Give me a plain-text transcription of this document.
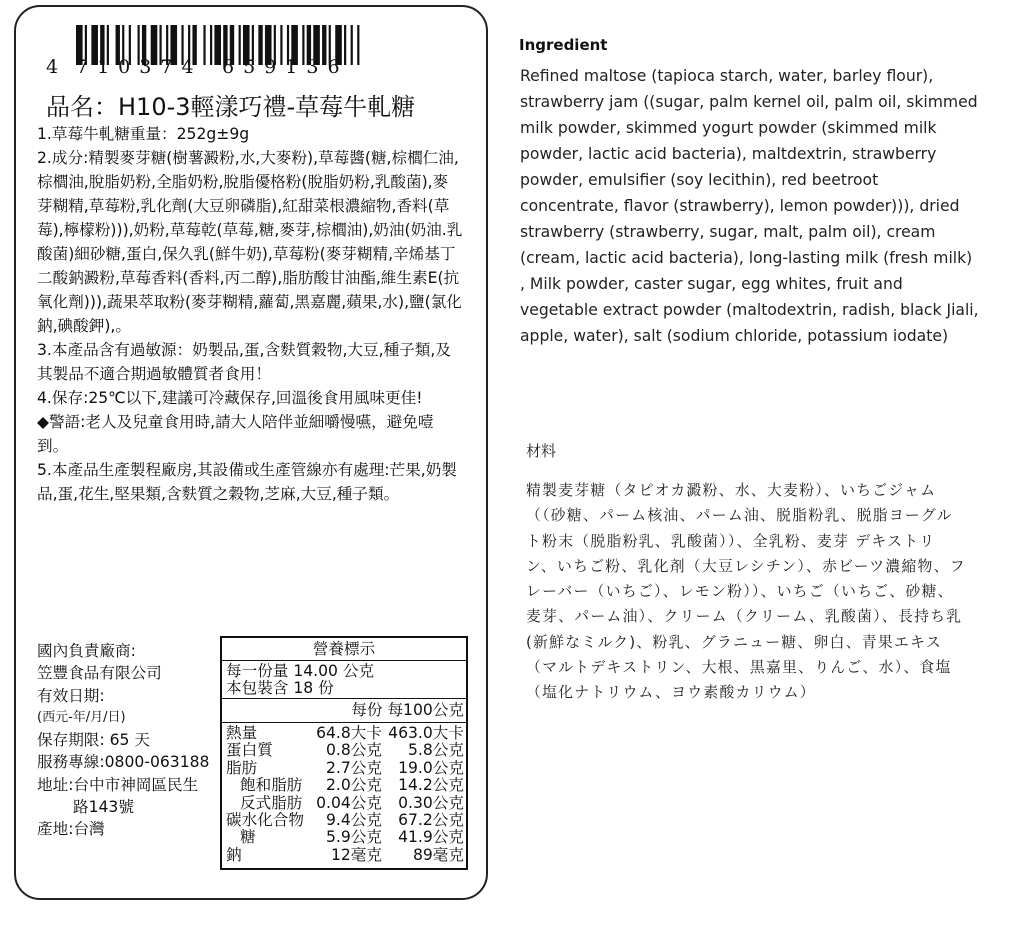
4 710374 659136
品名：H10-3輕漾巧禮-草莓牛軋糖

1.草莓牛軋糖重量：252g±9g

2.成分:精製麥芽糖(樹薯澱粉,水,大麥粉),草莓醬(糖,棕櫚仁油,棕櫚油,脫脂奶粉,全脂奶粉,脫脂優格粉(脫脂奶粉,乳酸菌),麥芽糊精,草莓粉,乳化劑(大豆卵磷脂),紅甜菜根濃縮物,香料(草莓),檸檬粉))),奶粉,草莓乾(草莓,糖,麥芽,棕櫚油),奶油(奶油.乳酸菌)細砂糖,蛋白,保久乳(鮮牛奶),草莓粉(麥芽糊精,辛烯基丁二酸鈉澱粉,草莓香料(香料,丙二醇),脂肪酸甘油酯,維生素E(抗氧化劑))),蔬果萃取粉(麥芽糊精,蘿蔔,黑嘉麗,蘋果,水),鹽(氯化鈉,碘酸鉀),。

3.本產品含有過敏源：奶製品,蛋,含麩質穀物,大豆,種子類,及其製品不適合期過敏體質者食用！

4.保存:25℃以下,建議可冷藏保存,回溫後食用風味更佳!

◆警語:老人及兒童食用時,請大人陪伴並細嚼慢嚥，避免噎到。

5.本產品生產製程廠房,其設備或生產管線亦有處理:芒果,奶製品,蛋,花生,堅果類,含麩質之穀物,芝麻,大豆,種子類。

國內負責廠商:
笠豐食品有限公司
有效日期:
(西元-年/月/日)
保存期限: 65 天
服務專線:0800-063188
地址:台中市神岡區民生
路143號
產地:台灣
營養標示
每一份量 14.00 公克
本包裝含 18 份
每份 每100公克
熱量	64.8大卡 463.0大卡
蛋白質	0.8公克	5.8公克
脂肪	2.7公克	19.0公克
飽和脂肪	2.0公克	14.2公克
反式脂肪 0.04公克	0.30公克
碳水化合物	9.4公克	67.2公克
糖	5.9公克	41.9公克
鈉	12毫克	89毫克
Ingredient
Refined maltose (tapioca starch, water, barley flour), strawberry jam ((sugar, palm kernel oil, palm oil, skimmed milk powder, skimmed yogurt powder (skimmed milk powder, lactic acid bacteria), maltdextrin, strawberry powder, emulsifier (soy lecithin), red beetroot concentrate, flavor (strawberry), lemon powder))), dried strawberry (strawberry, sugar, malt, palm oil), cream (cream, lactic acid bacteria), long-lasting milk (fresh milk) , Milk powder, caster sugar, egg whites, fruit and vegetable extract powder (maltodextrin, radish, black Jiali, apple, water), salt (sodium chloride, potassium iodate)
材料
精製麦芽糖（タピオカ澱粉、水、大麦粉）、いちごジャム（（砂糖、パーム核油、パーム油、脱脂粉乳、脱脂ヨーグルト粉末（脱脂粉乳、乳酸菌））、全乳粉、麦芽 デキストリン、いちご粉、乳化剤（大豆レシチン）、赤ビーツ濃縮物、フレーバー（いちご）、レモン粉））、いちご（いちご、砂糖、麦芽、パーム油）、クリーム（クリーム、乳酸菌）、長持ち乳(新鮮なミルク)、粉乳、グラニュー糖、卵白、青果エキス（マルトデキストリン、大根、黒嘉里、りんご、水）、食塩（塩化ナトリウム、ヨウ素酸カリウム）
